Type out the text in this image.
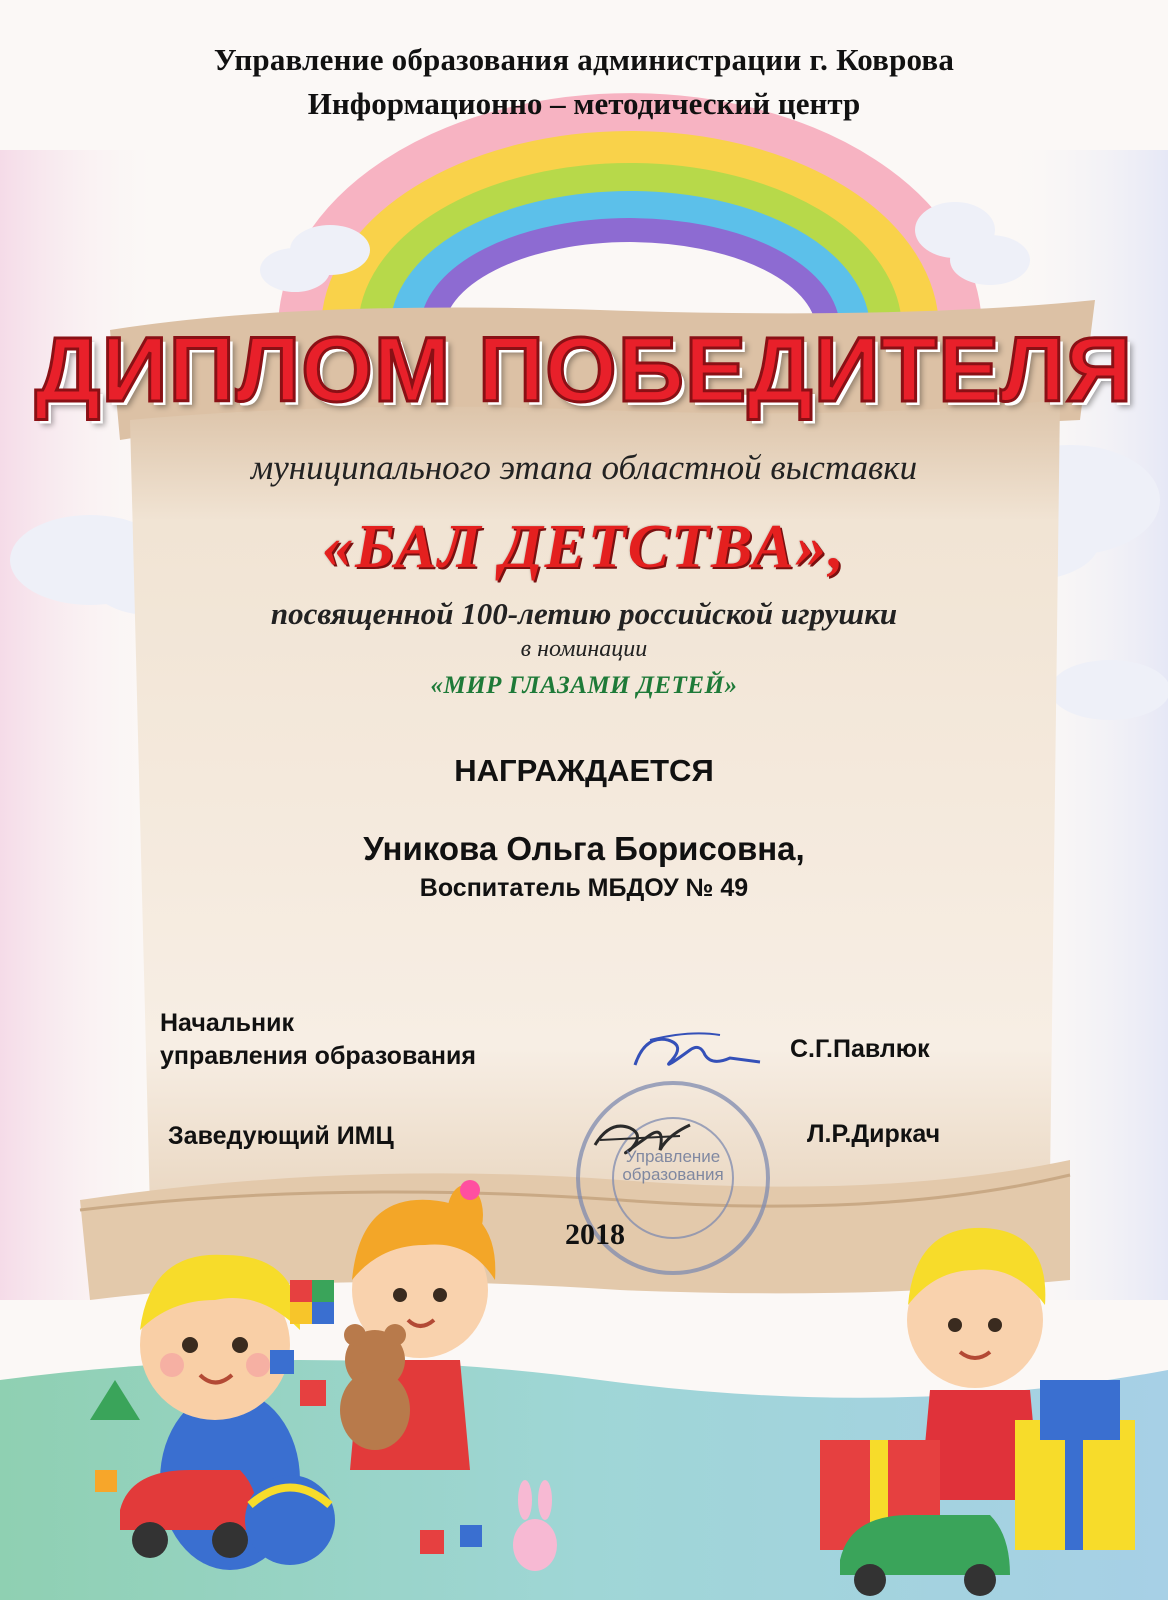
Управление образования администрации г. Коврова
Информационно – методический центр
ДИПЛОМ ПОБЕДИТЕЛЯ
муниципального этапа областной выставки
«БАЛ ДЕТСТВА»,
посвященной 100-летию российской игрушки
в номинации
«МИР ГЛАЗАМИ ДЕТЕЙ»
НАГРАЖДАЕТСЯ
Уникова Ольга Борисовна,
Воспитатель МБДОУ № 49
Начальник
управления образования	С.Г.Павлюк
Заведующий ИМЦ	Л.Р.Диркач
Управление
образования
2018
